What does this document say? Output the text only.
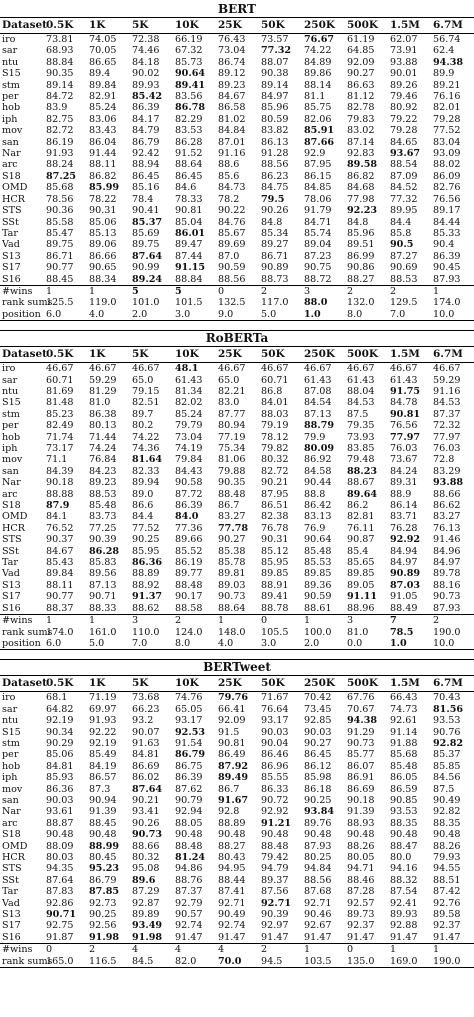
BERT
Dataset	0.5K	1K	5K	10K	25K	50K	250K	500K	1.5M	6.7M
iro	73.81	74.05	72.38	66.19	76.43	73.57	76.67	61.19	62.07	56.74
sar	68.93	70.05	74.46	67.32	73.04	77.32	74.22	64.85	73.91	62.4
ntu	88.84	86.65	84.18	85.73	86.74	88.07	84.89	92.09	93.88	94.38
S15	90.35	89.4	90.02	90.64	89.12	90.38	89.86	90.27	90.01	89.9
stm	89.14	89.84	89.93	89.41	89.23	89.14	88.14	86.63	89.26	89.21
per	84.72	82.91	85.42	83.56	84.67	84.97	81.1	81.12	79.46	76.16
hob	83.9	85.24	86.39	86.78	86.58	85.96	85.75	82.78	80.92	82.01
iph	82.75	83.06	84.17	82.29	81.02	80.59	82.06	79.83	79.22	79.28
mov	82.72	83.43	84.79	83.53	84.84	83.82	85.91	83.02	79.28	77.52
san	86.19	86.04	86.79	86.28	87.01	86.13	87.66	87.14	84.65	83.04
Nar	91.93	91.44	92.42	91.52	91.16	91.28	92.9	92.83	93.67	93.09
arc	88.24	88.11	88.94	88.64	88.6	88.56	87.95	89.58	88.54	88.02
S18	87.25	86.82	86.45	86.45	85.6	86.23	86.15	86.82	87.09	86.09
OMD	85.68	85.99	85.16	84.6	84.73	84.75	84.85	84.68	84.52	82.76
HCR	78.56	78.22	78.4	78.33	78.2	79.5	78.06	77.98	77.32	76.56
STS	90.36	90.31	90.41	90.81	90.22	90.26	91.79	92.23	89.95	89.17
SSt	85.58	85.06	85.37	85.04	84.76	84.8	84.71	84.8	84.4	84.44
Tar	85.47	85.13	85.69	86.01	85.67	85.34	85.74	85.96	85.8	85.33
Vad	89.75	89.06	89.75	89.47	89.69	89.27	89.04	89.51	90.5	90.4
S13	86.71	86.66	87.64	87.44	87.0	86.71	87.23	86.99	87.27	86.39
S17	90.77	90.65	90.99	91.15	90.59	90.89	90.75	90.86	90.69	90.45
S16	88.45	88.34	89.24	88.84	88.56	88.73	88.72	88.27	88.53	87.93
#wins	1	1	5	5	0	2	3	2	2	1
rank sums	125.5	119.0	101.0	101.5	132.5	117.0	88.0	132.0	129.5	174.0
position	6.0	4.0	2.0	3.0	9.0	5.0	1.0	8.0	7.0	10.0
RoBERTa
Dataset	0.5K	1K	5K	10K	25K	50K	250K	500K	1.5M	6.7M
iro	46.67	46.67	46.67	48.1	46.67	46.67	46.67	46.67	46.67	46.67
sar	60.71	59.29	65.0	61.43	65.0	60.71	61.43	61.43	61.43	59.29
ntu	81.69	81.29	79.15	81.34	82.21	86.8	87.08	88.04	91.75	91.16
S15	81.48	81.0	82.51	82.02	83.0	84.01	84.54	84.53	84.78	84.53
stm	85.23	86.38	89.7	85.24	87.77	88.03	87.13	87.5	90.81	87.37
per	82.49	80.13	80.2	79.79	80.94	79.19	88.79	79.35	76.56	72.32
hob	71.74	71.44	74.22	73.04	77.19	78.12	79.9	73.93	77.97	77.97
iph	73.17	74.24	74.36	74.19	75.34	79.82	80.09	83.85	76.03	76.03
mov	71.1	76.84	81.64	79.84	81.06	80.32	86.92	79.48	73.67	72.8
san	84.39	84.23	82.33	84.43	79.88	82.72	84.58	88.23	84.24	83.29
Nar	90.18	89.23	89.94	90.58	90.35	90.21	90.44	88.67	89.31	93.88
arc	88.88	88.53	89.0	87.72	88.48	87.95	88.8	89.64	88.9	88.66
S18	87.9	85.48	86.6	86.39	86.7	86.51	86.42	86.2	86.14	86.62
OMD	84.1	83.73	84.4	84.0	83.27	82.38	83.13	82.81	83.71	83.27
HCR	76.52	77.25	77.52	77.36	77.78	76.78	76.9	76.11	76.28	76.13
STS	90.37	90.39	90.25	89.66	90.27	90.31	90.64	90.87	92.92	91.46
SSt	84.67	86.28	85.95	85.52	85.38	85.12	85.48	85.4	84.94	84.96
Tar	85.43	85.83	86.36	86.19	85.78	85.95	85.53	85.65	84.97	84.97
Vad	89.84	89.56	88.89	89.77	89.81	89.85	89.85	89.85	90.89	89.78
S13	88.11	87.13	88.92	88.48	89.03	88.91	89.36	89.05	87.03	88.16
S17	90.77	90.71	91.37	90.17	90.73	89.41	90.59	91.11	91.05	90.73
S16	88.37	88.33	88.62	88.58	88.64	88.78	88.61	88.96	88.49	87.93
#wins	1	1	3	2	1	0	1	3	7	2
rank sums	174.0	161.0	110.0	124.0	148.0	105.5	100.0	81.0	78.5	190.0
position	6.0	5.0	7.0	8.0	4.0	3.0	2.0	0.0	1.0	10.0
BERTweet
Dataset	0.5K	1K	5K	10K	25K	50K	250K	500K	1.5M	6.7M
iro	68.1	71.19	73.68	74.76	79.76	71.67	70.42	67.76	66.43	70.43
sar	64.82	69.97	66.23	65.05	66.41	76.64	73.45	70.67	74.73	81.56
ntu	92.19	91.93	93.2	93.17	92.09	93.17	92.85	94.38	92.61	93.53
S15	90.34	92.22	90.07	92.53	91.5	90.03	90.03	91.29	91.14	90.76
stm	90.29	92.19	91.63	91.54	90.81	90.04	90.27	90.73	91.88	92.82
per	85.06	85.49	84.81	86.79	86.49	86.46	86.45	85.77	85.68	85.37
hob	84.81	84.19	86.69	86.75	87.92	86.96	86.12	86.07	85.48	85.85
iph	85.93	86.57	86.02	86.39	89.49	85.55	85.98	86.91	86.05	84.56
mov	86.36	87.3	87.64	87.62	86.7	86.33	86.18	86.69	86.59	87.5
san	90.03	90.94	90.21	90.79	91.67	90.72	90.25	90.18	90.85	90.49
Nar	93.61	91.39	93.41	92.94	92.8	92.92	93.84	91.39	93.53	92.82
arc	88.87	88.45	90.26	88.05	88.89	91.21	89.76	88.93	88.35	88.35
S18	90.48	90.48	90.73	90.48	90.48	90.48	90.48	90.48	90.48	90.48
OMD	88.09	88.99	88.66	88.48	88.27	88.48	87.93	88.26	88.47	88.26
HCR	80.03	80.45	80.32	81.24	80.43	79.42	80.25	80.05	80.0	79.93
STS	94.35	95.23	95.08	94.86	94.95	94.79	94.84	94.71	94.16	94.55
SSt	87.64	86.79	89.6	88.76	88.44	89.37	88.56	88.46	88.32	88.51
Tar	87.83	87.85	87.29	87.37	87.41	87.56	87.68	87.28	87.54	87.42
Vad	92.86	92.73	92.87	92.79	92.71	92.71	92.71	92.57	92.41	92.76
S13	90.71	90.25	89.89	90.57	90.49	90.39	90.46	89.73	89.93	89.58
S17	92.75	92.56	93.49	92.74	92.74	92.97	92.67	92.37	92.88	92.37
S16	91.87	91.98	91.98	91.47	91.47	91.47	91.47	91.47	91.47	91.47
#wins	0	2	4	4	4	2	1	0	1	1
rank sums	165.0	116.5	84.5	82.0	70.0	94.5	103.5	135.0	169.0	190.0
